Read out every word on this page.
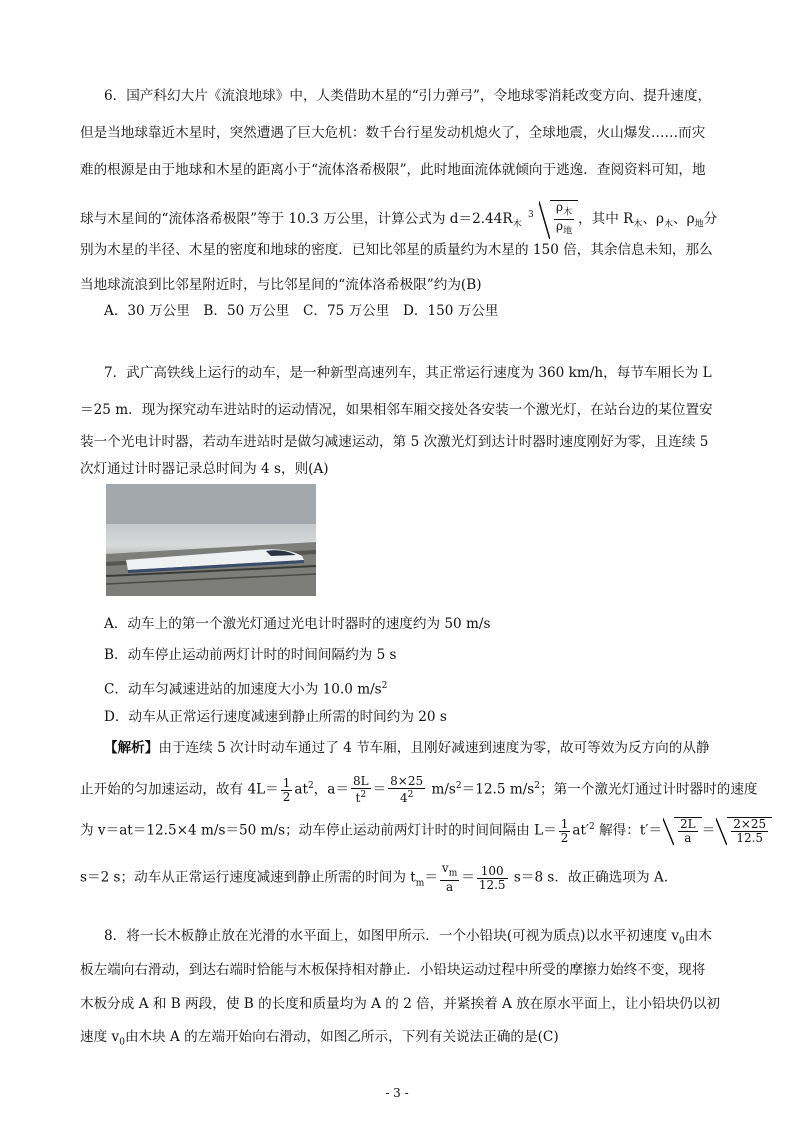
6．国产科幻大片《流浪地球》中，人类借助木星的“引力弹弓”，令地球零消耗改变方向、提升速度，
但是当地球靠近木星时，突然遭遇了巨大危机：数千台行星发动机熄火了，全球地震，火山爆发……而灾
难的根源是由于地球和木星的距离小于“流体洛希极限”，此时地面流体就倾向于逃逸．查阅资料可知，地
球与木星间的“流体洛希极限”等于 10.3 万公里，计算公式为 $d=2.44R_木$ $^3 \frac{\rho_木}{\rho_地}$ ，其中 $R_木$、$\rho_木$、$\rho_地$分
别为木星的半径、木星的密度和地球的密度．已知比邻星的质量约为木星的 150 倍，其余信息未知，那么
当地球流浪到比邻星附近时，与比邻星间的“流体洛希极限”约为(B)
A．30 万公里　B．50 万公里　C．75 万公里　D．150 万公里
7．武广高铁线上运行的动车，是一种新型高速列车，其正常运行速度为 360 km/h，每节车厢长为 L
＝25 m．现为探究动车进站时的运动情况，如果相邻车厢交接处各安装一个激光灯，在站台边的某位置安
装一个光电计时器，若动车进站时是做匀减速运动，第 5 次激光灯到达计时器时速度刚好为零，且连续 5
次灯通过计时器记录总时间为 4 s，则(A)
A．动车上的第一个激光灯通过光电计时器时的速度约为 50 m/s
B．动车停止运动前两灯计时的时间间隔约为 5 s
C．动车匀减速进站的加速度大小为 10.0 $m/s^2$
D．动车从正常运行速度减速到静止所需的时间约为 20 s
【解析】由于连续 5 次计时动车通过了 4 节车厢，且刚好减速到速度为零，故可等效为反方向的从静
止开始的匀加速运动，故有 $4L= \frac{1}{2} at^2$，$a= \frac{8L}{t^2} = \frac{8\times 25}{4^2} m/s^2=12.5$ $m/s^2$；第一个激光灯通过计时器时的速度
为 v＝at＝12.5×4 m/s＝50 m/s；动车停止运动前两灯计时的时间间隔由 $L= \frac{1}{2} at'^2$ 解得：$t'= \frac{2L}{a} = \frac{2\times 25}{12.5}$
s＝2 s；动车从正常运行速度减速到静止所需的时间为 $t_m= \frac{v_m}{a} = \frac{100}{12.5} s=8$ s．故正确选项为 A.
8．将一长木板静止放在光滑的水平面上，如图甲所示．一个小铅块(可视为质点)以水平初速度 $v_0$由木
板左端向右滑动，到达右端时恰能与木板保持相对静止．小铅块运动过程中所受的摩擦力始终不变，现将
木板分成 A 和 B 两段，使 B 的长度和质量均为 A 的 2 倍，并紧挨着 A 放在原水平面上，让小铅块仍以初
速度 $v_0$由木块 A 的左端开始向右滑动，如图乙所示，下列有关说法正确的是(C)
- 3 -
